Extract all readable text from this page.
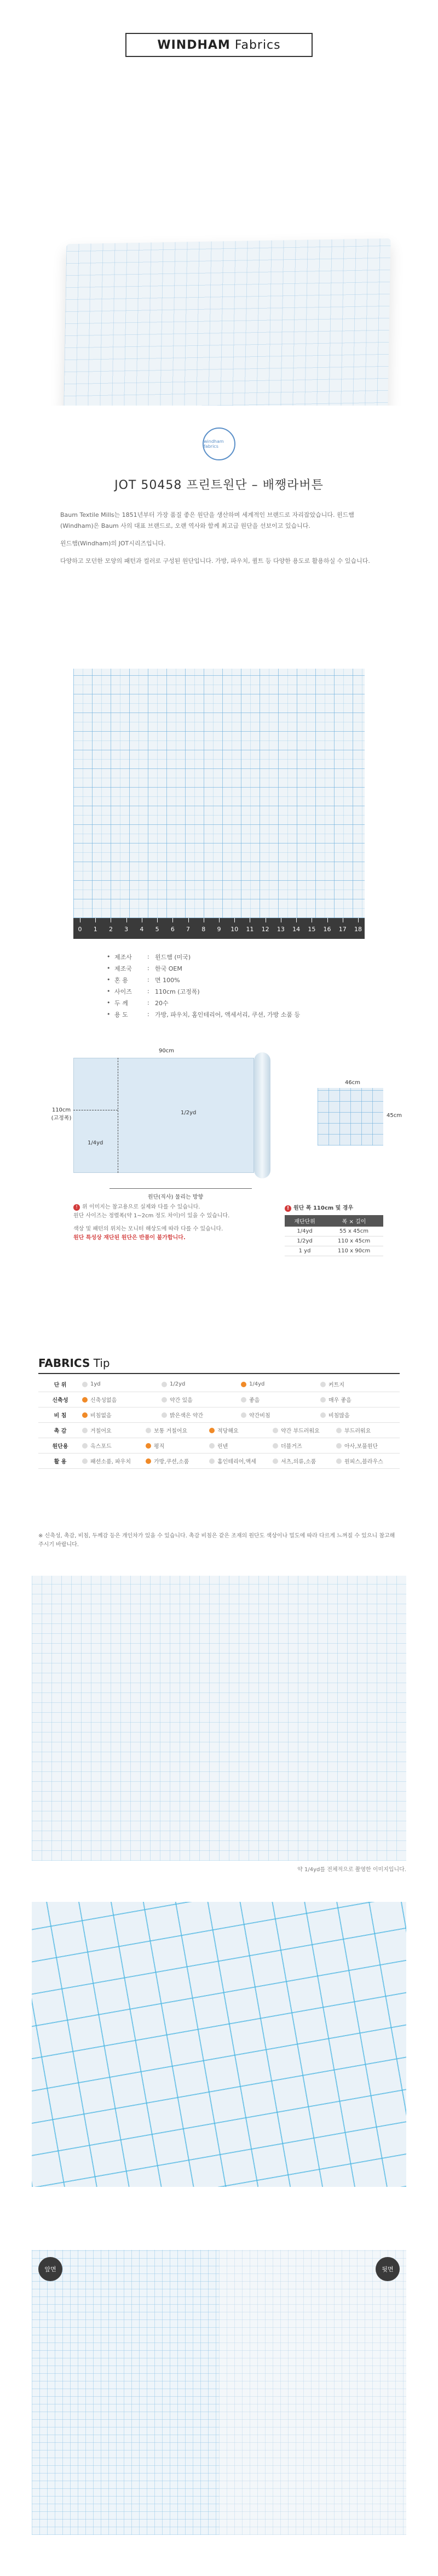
WINDHAM Fabrics
windham fabrics
JOT 50458 프린트원단 – 배쨍라버튼

Baum Textile Mills는 1851년부터 가장 품질 좋은 원단을 생산하며 세계적인 브랜드로 자리잡았습니다. 윈드햄(Windham)은 Baum 사의 대표 브랜드로, 오랜 역사와 함께 최고급 원단을 선보이고 있습니다.

윈드햄(Windham)의 JOT시리즈입니다.

다양하고 모던한 모양의 패턴과 컬러로 구성된 원단입니다. 가방, 파우치, 퀼트 등 다양한 용도로 활용하실 수 있습니다.

0 1 2 3 4 5 6 7 8 9 10 11 12 13 14 15 16 17 18
• 제조사	: 윈드햄 (미국)
• 제조국	: 한국 OEM
• 혼 용	: 면 100%
• 사이즈	: 110cm (고정폭)
• 두 께	: 20수
• 용 도	: 가방, 파우치, 홈인테리어, 액세서리, 쿠션, 가방 소품 등
90cm
110cm (고정폭)
1/4yd
1/2yd
원단(직사) 물리는 방향
46cm
45cm
! 위 이미지는 참고용으로 실제와 다를 수 있습니다.
원단 사이즈는 정렬폭(약 1~2cm 정도 차이)이 있을 수 있습니다.
색상 및 패턴의 위치는 모니터 해상도에 따라 다를 수 있습니다.
원단 특성상 재단된 원단은 반품이 불가합니다.
! 원단 폭 110cm 및 경우
재단단위	폭 × 길이
1/4yd	55 x 45cm
1/2yd	110 x 45cm
1 yd	110 x 90cm
FABRICS Tip
단 위	1yd	1/2yd	1/4yd	커트지
신축성	신축성없음	약간 있음	좋음	매우 좋음
비 침	비침없음	밝은색은 약간	약간비침	비침많음
촉 감	거칠어요	보통 거칠어요	적당해요	약간 부드러워요	부드러워요
원단용	옥스포드	평직	린넨	더블거즈	아사,보풀원단
활 용	패션소품, 파우치	가방,쿠션,소품	홈인테리어,액세	셔츠,의류,소품	원피스,블라우스
※ 신축성, 촉감, 비침, 두께감 등은 개인차가 있을 수 있습니다. 촉감 비침은 같은 조재의 원단도 색상이나 밀도에 따라 다르게 느껴질 수 있으니 참고해 주시기 바랍니다.
약 1/4yd를 전체적으로 촬영한 이미지입니다.
앞면	뒷면
